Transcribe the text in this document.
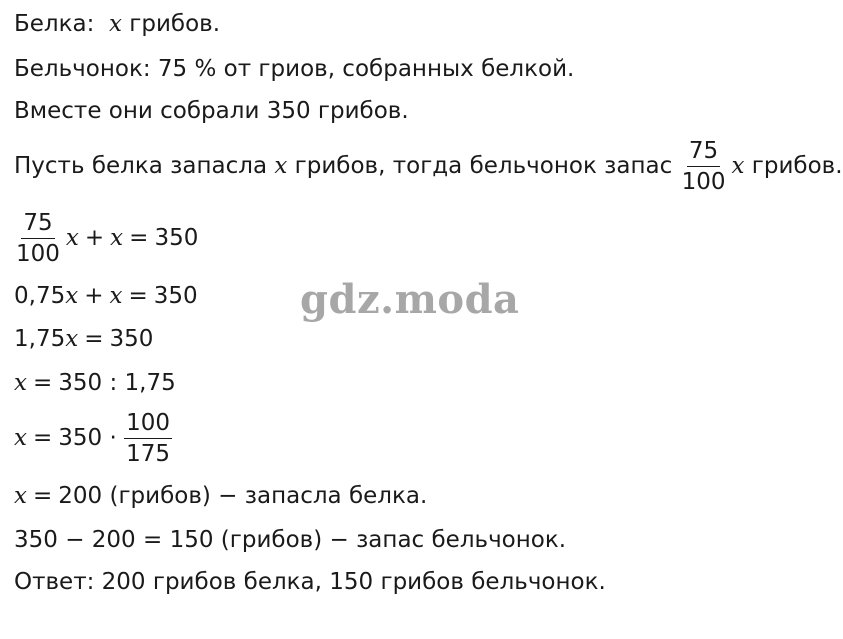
Белка: x грибов.
Бельчонок: 75 % от гриов, собранных белкой.
Вместе они собрали 350 грибов.
Пусть белка запасла x грибов, тогда бельчонок запас $\frac{75}{100}$ x грибов.
$\frac{75}{100}$ x + x = 350
0,75x + x = 350
1,75x = 350
x = 350 : 1,75
$x = 350 \cdot \frac{100}{175}$
x = 200 (грибов) − запасла белка.
350 − 200 = 150 (грибов) − запас бельчонок.
Ответ: 200 грибов белка, 150 грибов бельчонок.
gdz.moda
